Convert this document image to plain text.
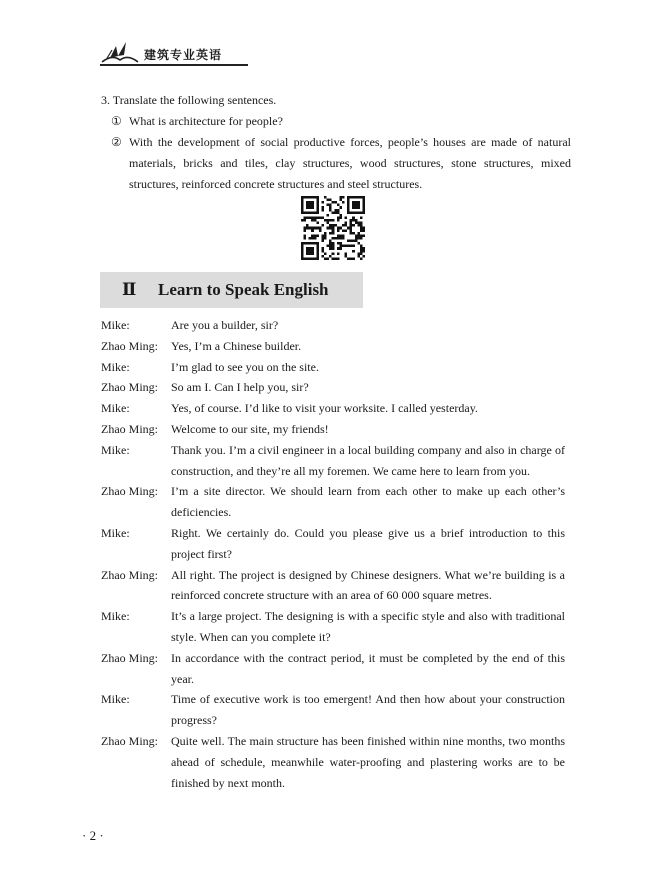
建筑专业英语
3. Translate the following sentences.
① What is architecture for people?
② With the development of social productive forces, people’s houses are made of natural materials, bricks and tiles, clay structures, wood structures, stone structures, mixed structures, reinforced concrete structures and steel structures.
Ⅱ Learn to Speak English
Mike:	Are you a builder, sir?
Zhao Ming:	Yes, I’m a Chinese builder.
Mike:	I’m glad to see you on the site.
Zhao Ming:	So am I. Can I help you, sir?
Mike:	Yes, of course. I’d like to visit your worksite. I called yesterday.
Zhao Ming:	Welcome to our site, my friends!
Mike:	Thank you. I’m a civil engineer in a local building company and also in charge of construction, and they’re all my foremen. We came here to learn from you.
Zhao Ming:	I’m a site director. We should learn from each other to make up each other’s deficiencies.
Mike:	Right. We certainly do. Could you please give us a brief introduction to this project first?
Zhao Ming:	All right. The project is designed by Chinese designers. What we’re building is a reinforced concrete structure with an area of 60 000 square metres.
Mike:	It’s a large project. The designing is with a specific style and also with traditional style. When can you complete it?
Zhao Ming:	In accordance with the contract period, it must be completed by the end of this year.
Mike:	Time of executive work is too emergent! And then how about your construction progress?
Zhao Ming:	Quite well. The main structure has been finished within nine months, two months ahead of schedule, meanwhile water-proofing and plastering works are to be finished by next month.
· 2 ·
